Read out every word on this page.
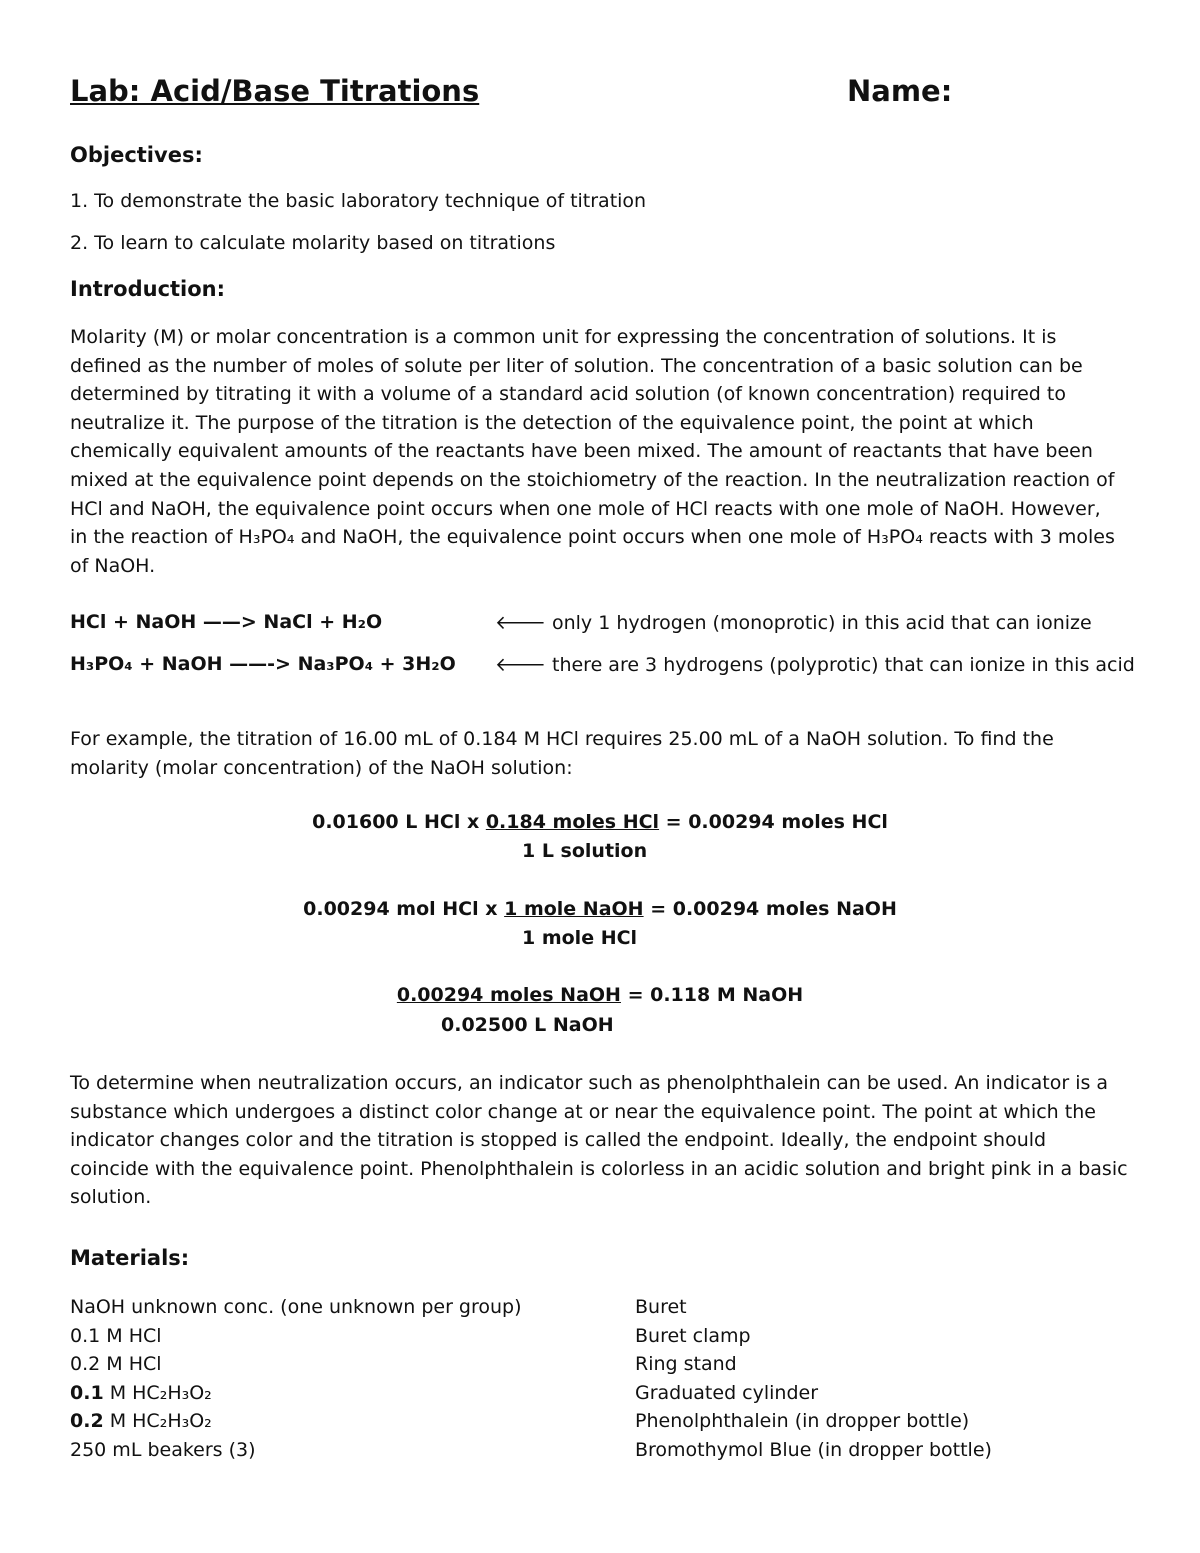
Lab: Acid/Base Titrations	Name:
Objectives:
1. To demonstrate the basic laboratory technique of titration
2. To learn to calculate molarity based on titrations
Introduction:
Molarity (M) or molar concentration is a common unit for expressing the concentration of solutions. It is
defined as the number of moles of solute per liter of solution. The concentration of a basic solution can be
determined by titrating it with a volume of a standard acid solution (of known concentration) required to
neutralize it. The purpose of the titration is the detection of the equivalence point, the point at which
chemically equivalent amounts of the reactants have been mixed. The amount of reactants that have been
mixed at the equivalence point depends on the stoichiometry of the reaction. In the neutralization reaction of
HCl and NaOH, the equivalence point occurs when one mole of HCl reacts with one mole of NaOH. However,
in the reaction of H₃PO₄ and NaOH, the equivalence point occurs when one mole of H₃PO₄ reacts with 3 moles
of NaOH.
HCl + NaOH ——> NaCl + H₂O	🡐 only 1 hydrogen (monoprotic) in this acid that can ionize
H₃PO₄ + NaOH ——-> Na₃PO₄ + 3H₂O 🡐 there are 3 hydrogens (polyprotic) that can ionize in this acid
For example, the titration of 16.00 mL of 0.184 M HCl requires 25.00 mL of a NaOH solution. To find the
molarity (molar concentration) of the NaOH solution:
0.01600 L HCl x 0.184 moles HCl = 0.00294 moles HCl
1 L solution
0.00294 mol HCl x 1 mole NaOH = 0.00294 moles NaOH
1 mole HCl
0.00294 moles NaOH = 0.118 M NaOH
0.02500 L NaOH
To determine when neutralization occurs, an indicator such as phenolphthalein can be used. An indicator is a
substance which undergoes a distinct color change at or near the equivalence point. The point at which the
indicator changes color and the titration is stopped is called the endpoint. Ideally, the endpoint should
coincide with the equivalence point. Phenolphthalein is colorless in an acidic solution and bright pink in a basic
solution.
Materials:
NaOH unknown conc. (one unknown per group)
0.1 M HCl
0.2 M HCl
0.1 M HC₂H₃O₂
0.2 M HC₂H₃O₂
250 mL beakers (3)
Buret
Buret clamp
Ring stand
Graduated cylinder
Phenolphthalein (in dropper bottle)
Bromothymol Blue (in dropper bottle)
